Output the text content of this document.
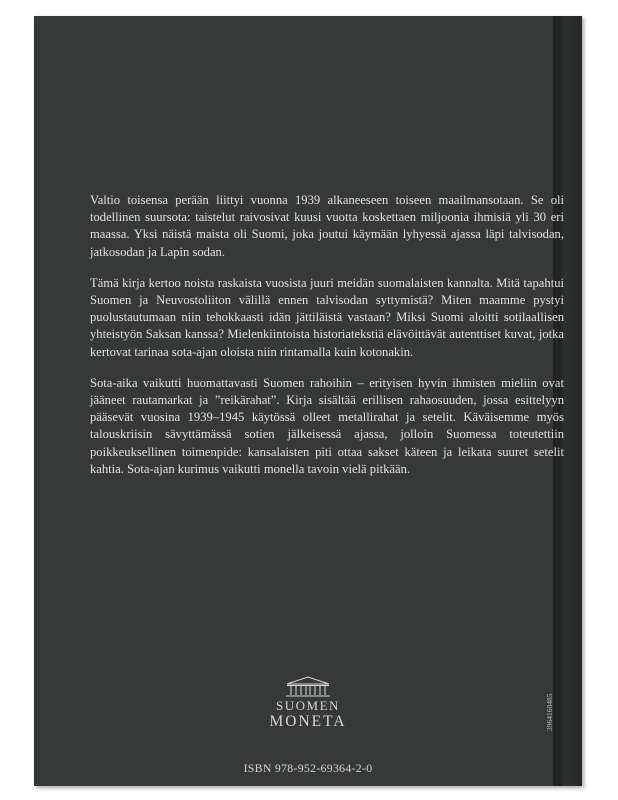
Valtio toisensa perään liittyi vuonna 1939 alkaneeseen toiseen maailmansotaan. Se oli todellinen suursota: taistelut raivosivat kuusi vuotta koskettaen miljoonia ihmisiä yli 30 eri maassa. Yksi näistä maista oli Suomi, joka joutui käymään lyhyessä ajassa läpi talvisodan, jatkosodan ja Lapin sodan.

Tämä kirja kertoo noista raskaista vuosista juuri meidän suomalaisten kannalta. Mitä tapahtui Suomen ja Neuvostoliiton välillä ennen talvisodan syttymistä? Miten maamme pystyi puolustautumaan niin tehokkaasti idän jättiläistä vastaan? Miksi Suomi aloitti sotilaallisen yhteistyön Saksan kanssa? Mielenkiintoista historiatekstiä elävöittävät autenttiset kuvat, jotka kertovat tarinaa sota-ajan oloista niin rintamalla kuin kotonakin.

Sota-aika vaikutti huomattavasti Suomen rahoihin – erityisen hyvin ihmisten mieliin ovat jääneet rautamarkat ja ”reikärahat”. Kirja sisältää erillisen rahaosuuden, jossa esittelyyn pääsevät vuosina 1939–1945 käytössä olleet metallirahat ja setelit. Käväisemme myös talouskriisin sävyttämässä sotien jälkeisessä ajassa, jolloin Suomessa toteutettiin poikkeuksellinen toimenpide: kansalaisten piti ottaa sakset käteen ja leikata suuret setelit kahtia. Sota-ajan kurimus vaikutti monella tavoin vielä pitkään.

SUOMEN
MONETA
ISBN 978-952-69364-2-0
3964160485
